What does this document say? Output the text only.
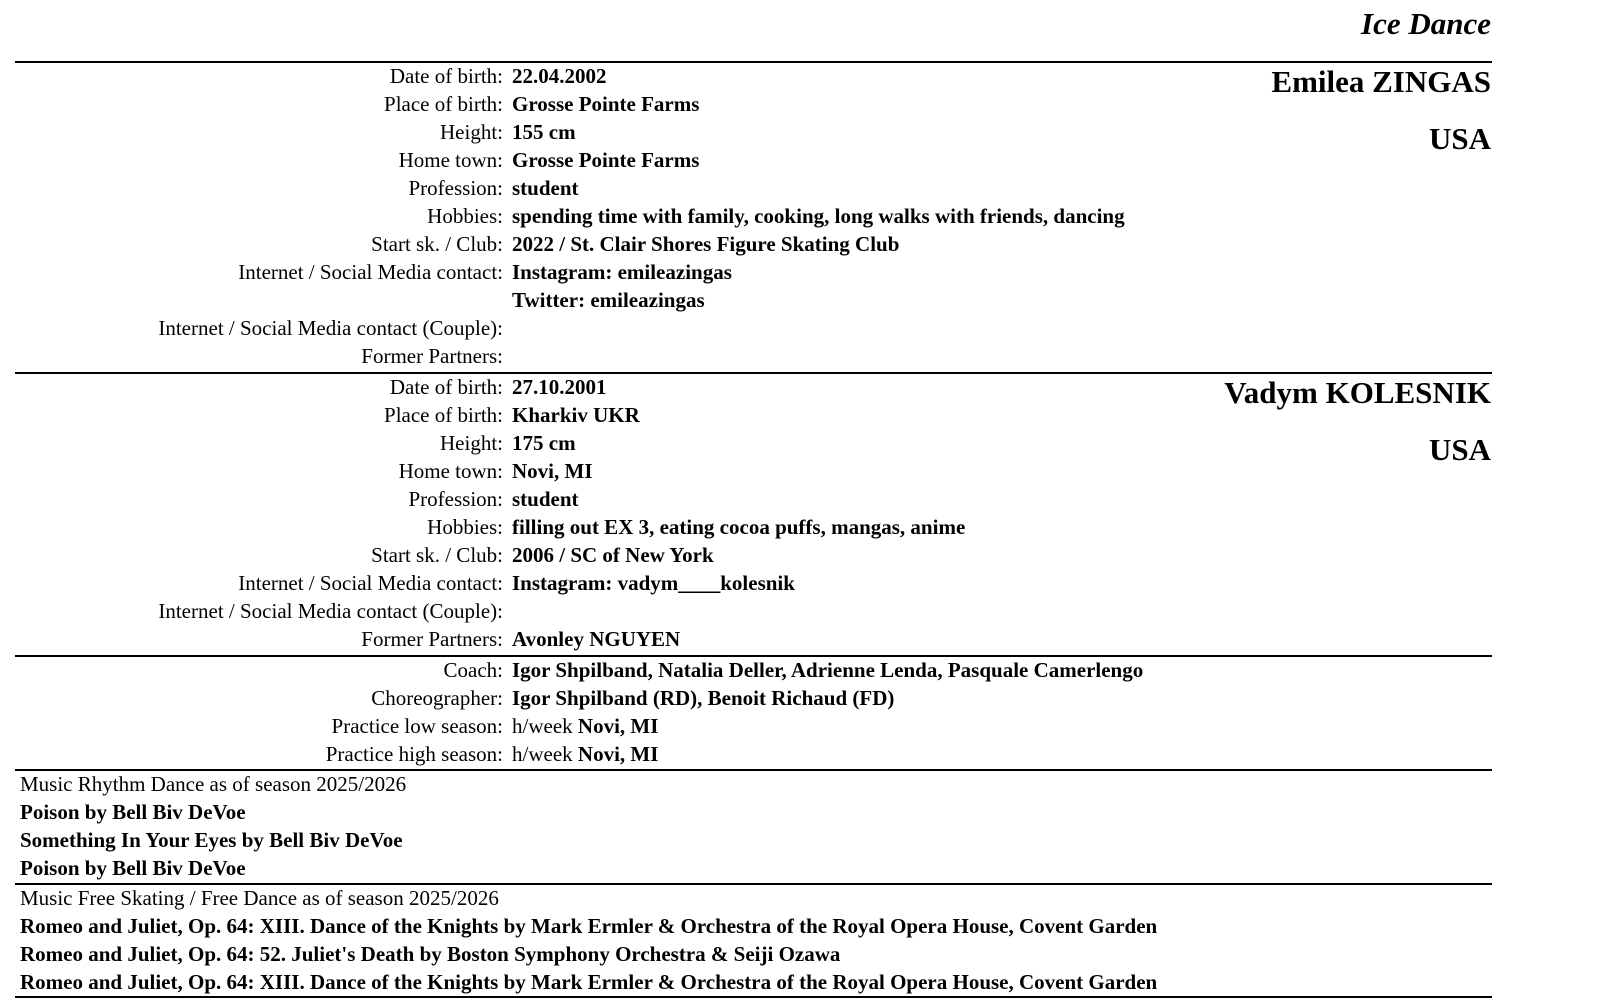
Ice Dance
Emilea ZINGAS
USA
Date of birth: 22.04.2002
Place of birth: Grosse Pointe Farms
Height: 155 cm
Home town: Grosse Pointe Farms
Profession: student
Hobbies: spending time with family, cooking, long walks with friends, dancing
Start sk. / Club: 2022 / St. Clair Shores Figure Skating Club
Internet / Social Media contact: Instagram: emileazingas
Twitter: emileazingas
Internet / Social Media contact (Couple):
Former Partners:
Vadym KOLESNIK
USA
Date of birth: 27.10.2001
Place of birth: Kharkiv UKR
Height: 175 cm
Home town: Novi, MI
Profession: student
Hobbies: filling out EX 3, eating cocoa puffs, mangas, anime
Start sk. / Club: 2006 / SC of New York
Internet / Social Media contact: Instagram: vadym____kolesnik
Internet / Social Media contact (Couple):
Former Partners: Avonley NGUYEN
Coach: Igor Shpilband, Natalia Deller, Adrienne Lenda, Pasquale Camerlengo
Choreographer: Igor Shpilband (RD), Benoit Richaud (FD)
Practice low season: h/week Novi, MI
Practice high season: h/week Novi, MI
Music Rhythm Dance as of season 2025/2026
Poison by Bell Biv DeVoe
Something In Your Eyes by Bell Biv DeVoe
Poison by Bell Biv DeVoe
Music Free Skating / Free Dance as of season 2025/2026
Romeo and Juliet, Op. 64: XIII. Dance of the Knights by Mark Ermler & Orchestra of the Royal Opera House, Covent Garden
Romeo and Juliet, Op. 64: 52. Juliet's Death by Boston Symphony Orchestra & Seiji Ozawa
Romeo and Juliet, Op. 64: XIII. Dance of the Knights by Mark Ermler & Orchestra of the Royal Opera House, Covent Garden
